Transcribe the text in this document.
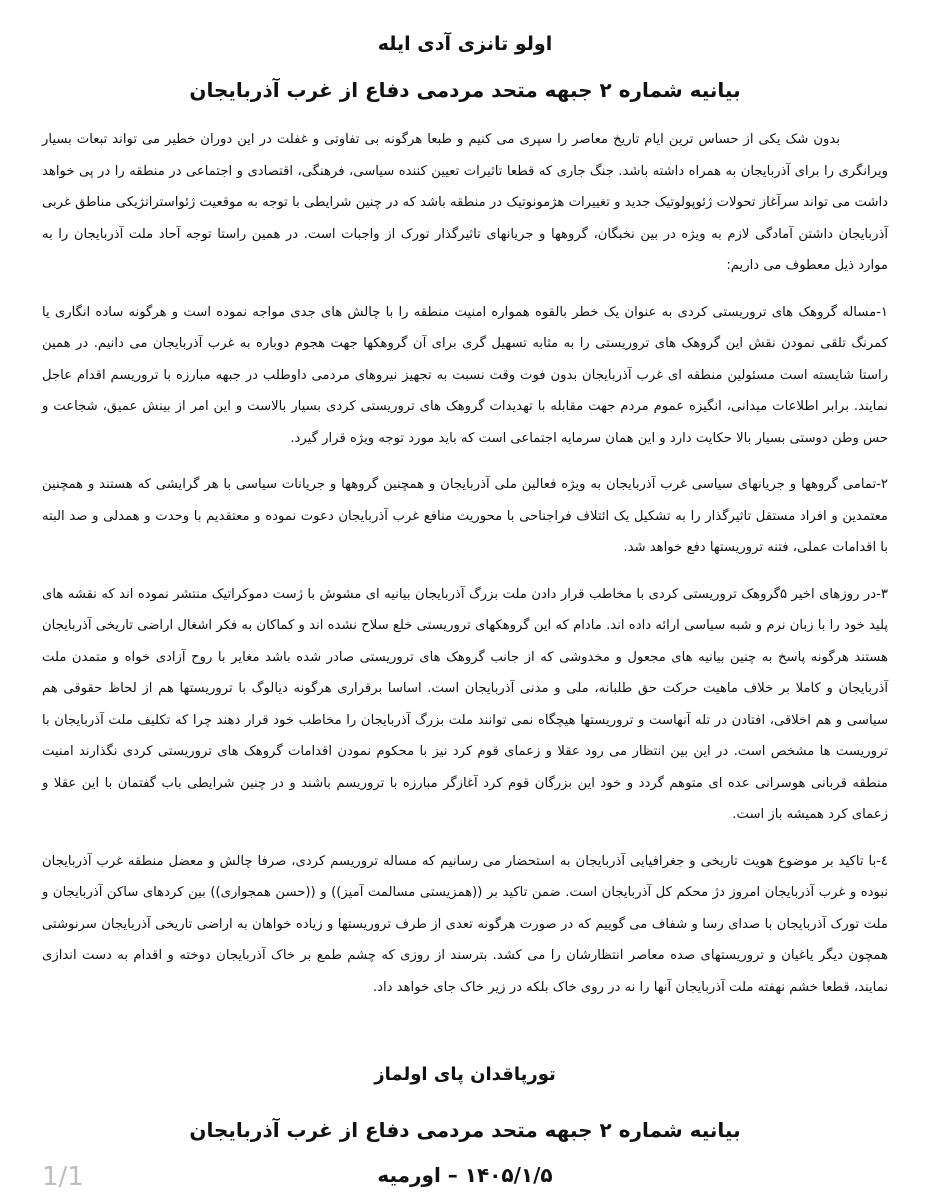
اولو تانزی آدی ایله
بیانیه شماره ۲ جبهه متحد مردمی دفاع از غرب آذربایجان

بدون شک یکی از حساس ترین ایام تاریخ معاصر را سپری می کنیم و طبعا هرگونه بی تفاوتی و غفلت در این دوران خطیر می تواند تبعات بسیار ویرانگری را برای آذربایجان به همراه داشته باشد. جنگ جاری که قطعا تاثیرات تعیین کننده سیاسی، فرهنگی، اقتصادی و اجتماعی در منطقه را در پی خواهد داشت می تواند سرآغاز تحولات ژئوپولوتیک جدید و تغییرات هژمونوتیک در منطقه باشد که در چنین شرایطی با توجه به موقعیت ژئواستراتژیکی مناطق غربی آذربایجان داشتن آمادگی لازم به ویژه در بین نخبگان، گروهها و جریانهای تاثیرگذار تورک از واجبات است. در همین راستا توجه آحاد ملت آذربایجان را به موارد ذیل معطوف می داریم:

۱-مساله گروهک های تروریستی کردی به عنوان یک خطر بالقوه همواره امنیت منطقه را با چالش های جدی مواجه نموده است و هرگونه ساده انگاری یا کمرنگ تلقی نمودن نقش این گروهک های تروریستی را به مثابه تسهیل گری برای آن گروهکها جهت هجوم دوباره به غرب آذربایجان می دانیم. در همین راستا شایسته است مسئولین منطقه ای غرب آذربایجان بدون فوت وقت نسبت به تجهیز نیروهای مردمی داوطلب در جبهه مبارزه با تروریسم اقدام عاجل نمایند. برابر اطلاعات میدانی، انگیزه عموم مردم جهت مقابله با تهدیدات گروهک های تروریستی کردی بسیار بالاست و این امر از بینش عمیق، شجاعت و حس وطن دوستی بسیار بالا حکایت دارد و این همان سرمایه اجتماعی است که باید مورد توجه ویژه قرار گیرد.

۲-تمامی گروهها و جریانهای سیاسی غرب آذربایجان به ویژه فعالین ملی آذربایجان و همچنین گروهها و جریانات سیاسی با هر گرایشی که هستند و همچنین معتمدین و افراد مستقل تاثیرگذار را به تشکیل یک ائتلاف فراجناحی با محوریت منافع غرب آذربایجان دعوت نموده و معتقدیم با وحدت و همدلی و صد البته با اقدامات عملی، فتنه تروریستها دفع خواهد شد.

۳-در روزهای اخیر ۵گروهک تروریستی کردی با مخاطب قرار دادن ملت بزرگ آذربایجان بیانیه ای مشوش با ژست دموکراتیک منتشر نموده اند که نقشه های پلید خود را با زبان نرم و شبه سیاسی ارائه داده اند. مادام که این گروهکهای تروریستی خلع سلاح نشده اند و کماکان به فکر اشغال اراضی تاریخی آذربایجان هستند هرگونه پاسخ به چنین بیانیه های مجعول و مخدوشی که از جانب گروهک های تروریستی صادر شده باشد مغایر با روح آزادی خواه و متمدن ملت آذربایجان و کاملا بر خلاف ماهیت حرکت حق طلبانه، ملی و مدنی آذربایجان است. اساسا برقراری هرگونه دیالوگ با تروریستها هم از لحاظ حقوقی هم سیاسی و هم اخلاقی، افتادن در تله آنهاست و تروریستها هیچگاه نمی توانند ملت بزرگ آذربایجان را مخاطب خود قرار دهند چرا که تکلیف ملت آذربایجان با تروریست ها مشخص است. در این بین انتظار می رود عقلا و زعمای قوم کرد نیز با محکوم نمودن اقدامات گروهک های تروریستی کردی نگذارند امنیت منطقه قربانی هوسرانی عده ای متوهم گردد و خود این بزرگان قوم کرد آغازگر مبارزه با تروریسم باشند و در چنین شرایطی باب گفتمان با این عقلا و زعمای کرد همیشه باز است.

٤-با تاکید بر موضوع هویت تاریخی و جغرافیایی آذربایجان به استحضار می رسانیم که مساله تروریسم کردی، صرفا چالش و معضل منطقه غرب آذربایجان نبوده و غرب آذربایجان امروز دژ محکم کل آذربایجان است. ضمن تاکید بر ((همزیستی مسالمت آمیز)) و ((حسن همجواری)) بین کردهای ساکن آذربایجان و ملت تورک آذربایجان با صدای رسا و شفاف می گوییم که در صورت هرگونه تعدی از طرف تروریستها و زیاده خواهان به اراضی تاریخی آذربایجان سرنوشتی همچون دیگر یاغیان و تروریستهای صده معاصر انتظارشان را می کشد. بترسند از روزی که چشم طمع بر خاک آذربایجان دوخته و اقدام به دست اندازی نمایند، قطعا خشم نهفته ملت آذربایجان آنها را نه در روی خاک بلکه در زیر خاک جای خواهد داد.

تورپاقدان پای اولماز
بیانیه شماره ۲ جبهه متحد مردمی دفاع از غرب آذربایجان
۱۴۰۵/۱/۵ – اورمیه
1/1
